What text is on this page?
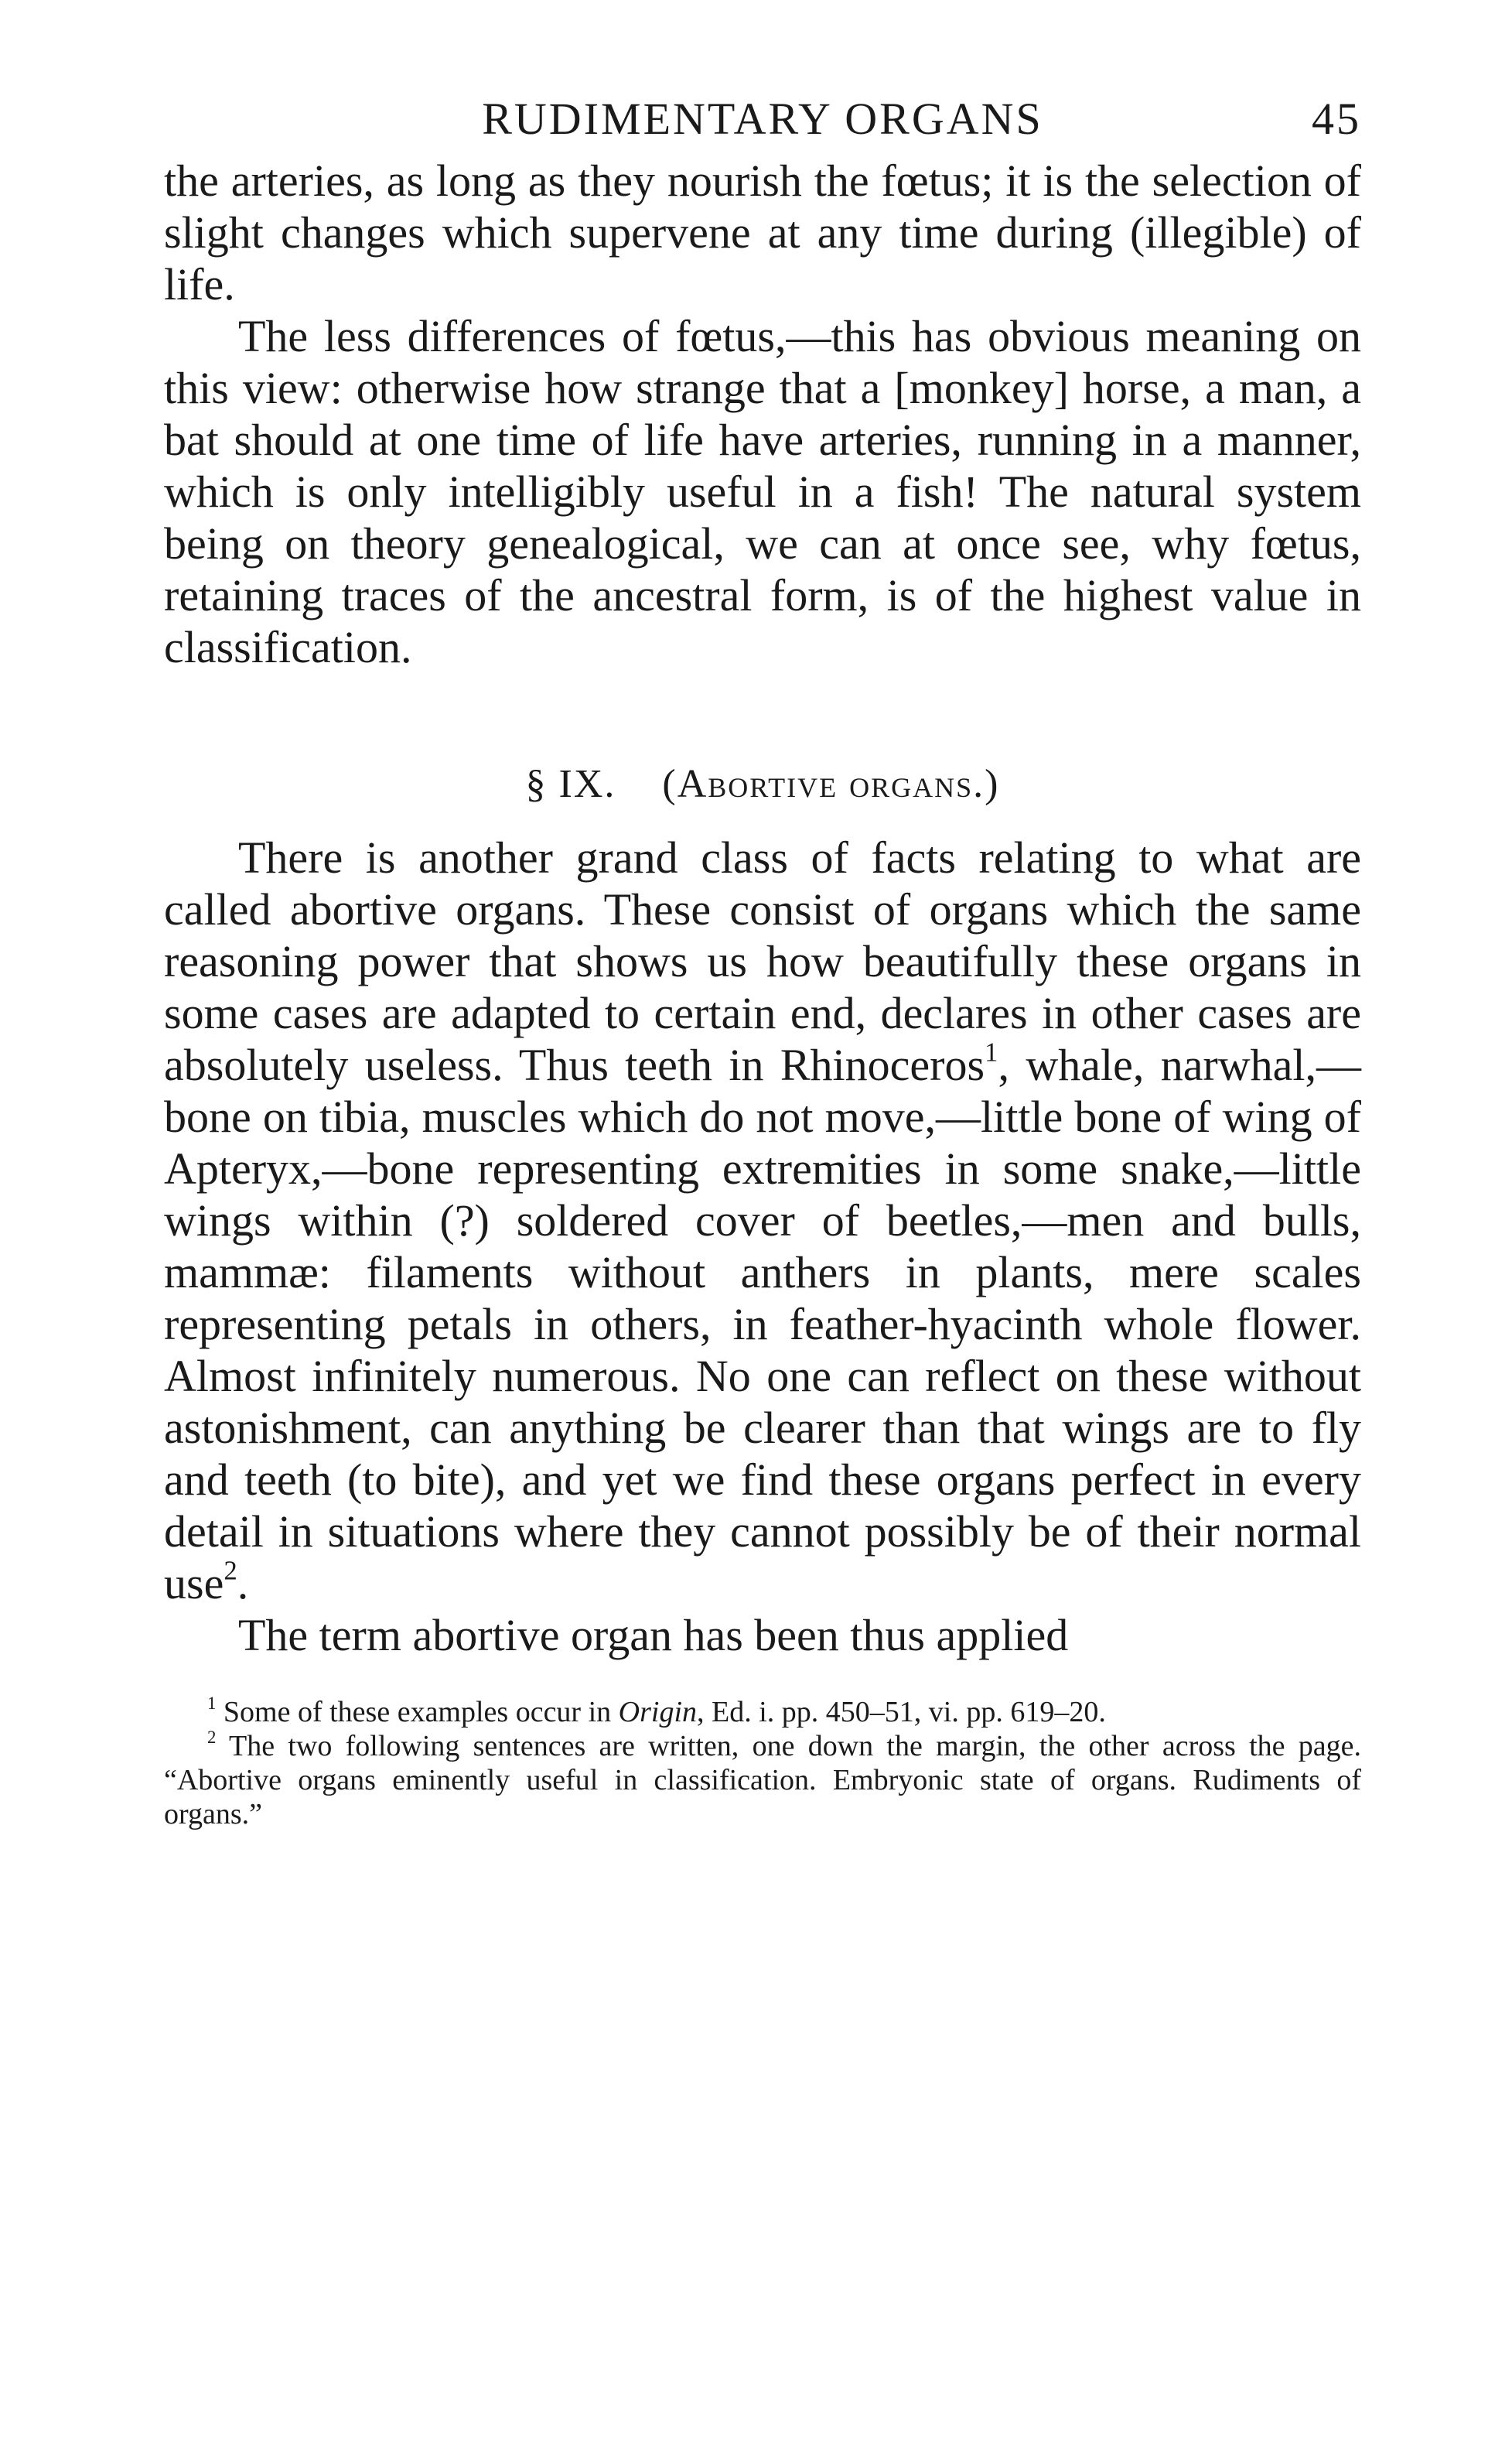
RUDIMENTARY ORGANS	45

the arteries, as long as they nourish the fœtus; it is the selection of slight changes which supervene at any time during (illegible) of life.

The less differences of fœtus,—this has obvious meaning on this view: otherwise how strange that a [monkey] horse, a man, a bat should at one time of life have arteries, running in a manner, which is only intelligibly useful in a fish! The natural system being on theory genealogical, we can at once see, why fœtus, retaining traces of the ancestral form, is of the highest value in classification.

§ IX. (Abortive organs.)

There is another grand class of facts relating to what are called abortive organs. These consist of organs which the same reasoning power that shows us how beautifully these organs in some cases are adapted to certain end, declares in other cases are absolutely useless. Thus teeth in Rhinoceros$^1$, whale, narwhal,—bone on tibia, muscles which do not move,—little bone of wing of Apteryx,—bone representing extremities in some snake,—little wings within (?) soldered cover of beetles,—men and bulls, mammæ: filaments without anthers in plants, mere scales representing petals in others, in feather-hyacinth whole flower. Almost infinitely numerous. No one can reflect on these without astonishment, can anything be clearer than that wings are to fly and teeth (to bite), and yet we find these organs perfect in every detail in situations where they cannot possibly be of their normal use$^2$.

The term abortive organ has been thus applied

$^1$ Some of these examples occur in Origin, Ed. i. pp. 450–51, vi. pp. 619–20.

$^2$ The two following sentences are written, one down the margin, the other across the page. “Abortive organs eminently useful in classification. Embryonic state of organs. Rudiments of organs.”
